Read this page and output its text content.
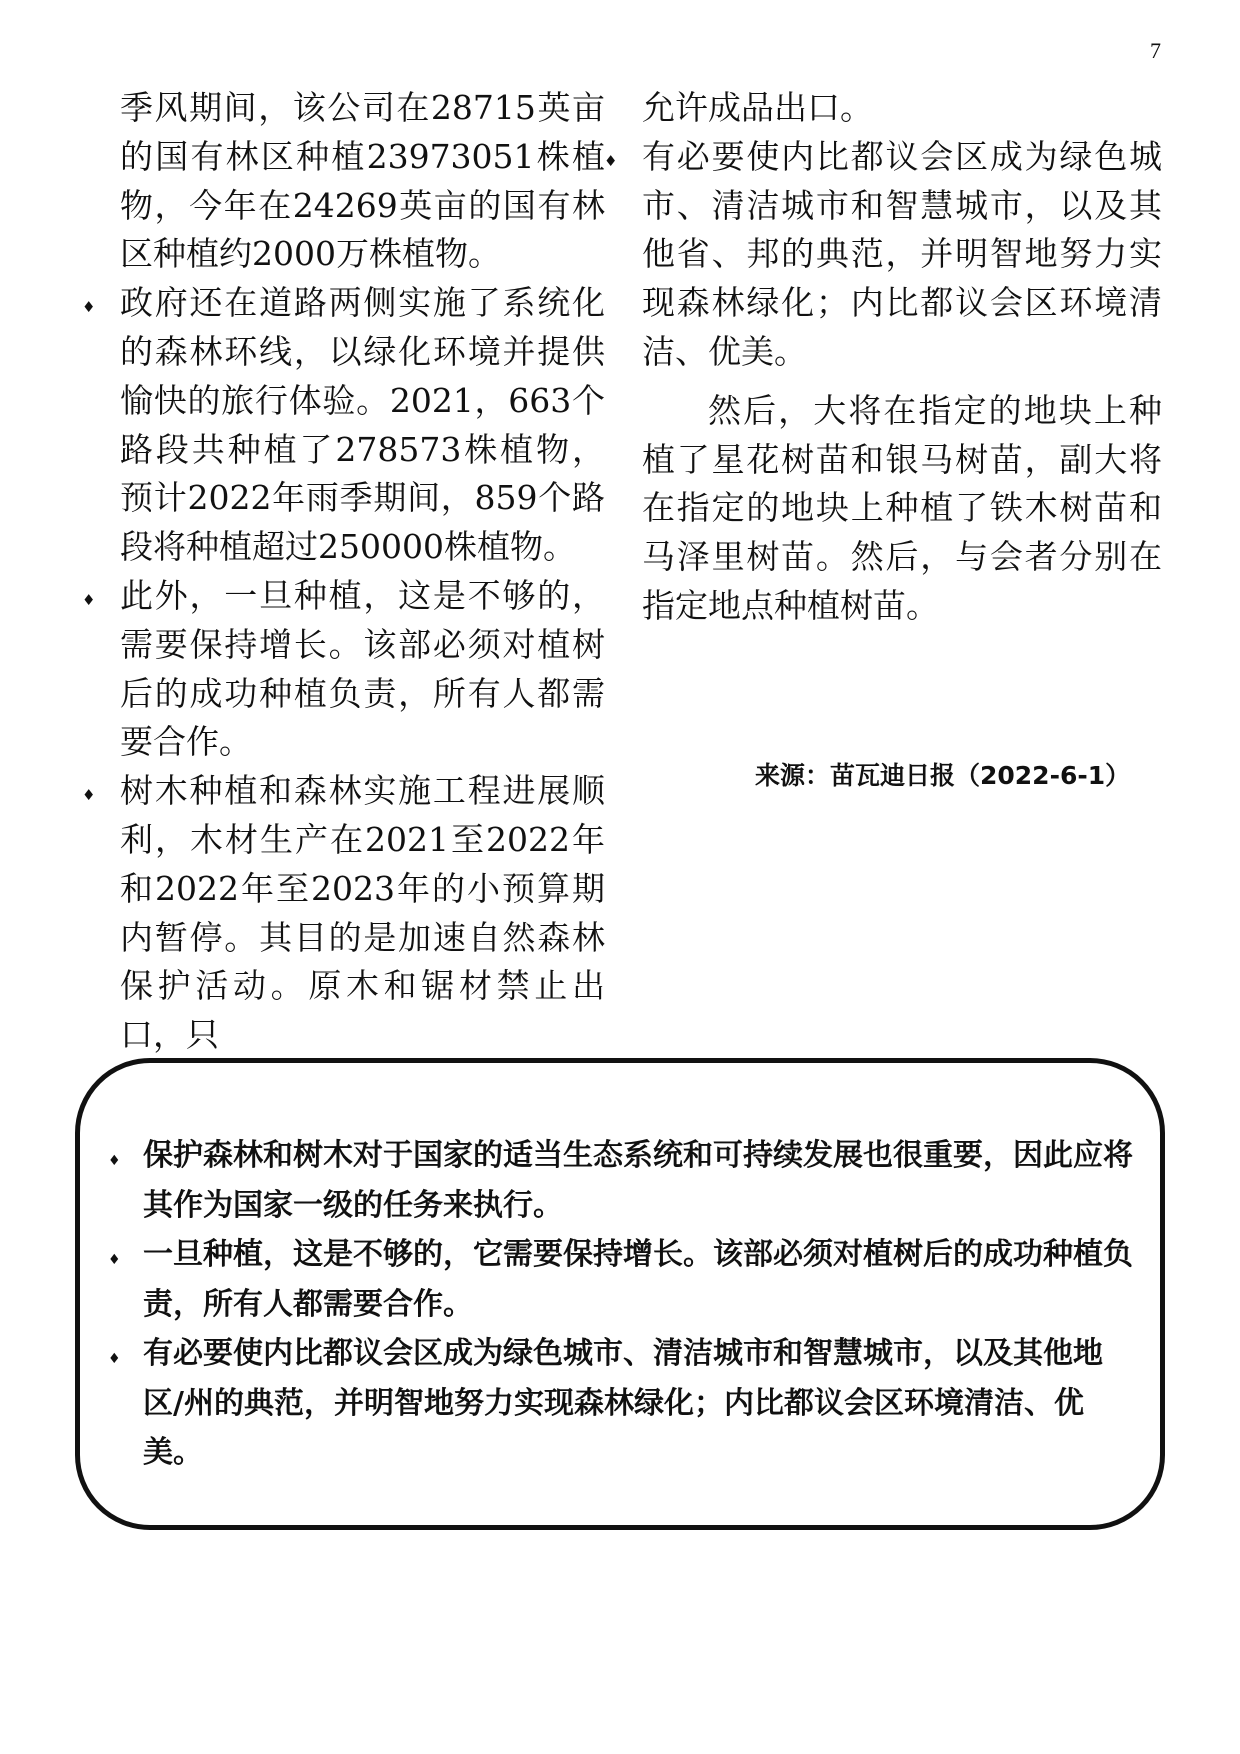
7

季风期间，该公司在28715英亩的国有林区种植23973051株植物，今年在24269英亩的国有林区种植约2000万株植物。

♦ 政府还在道路两侧实施了系统化的森林环线，以绿化环境并提供愉快的旅行体验。2021，663个路段共种植了278573株植物，预计2022年雨季期间，859个路段将种植超过250000株植物。
♦ 此外，一旦种植，这是不够的，需要保持增长。该部必须对植树后的成功种植负责，所有人都需要合作。
♦ 树木种植和森林实施工程进展顺利，木材生产在2021至2022年和2022年至2023年的小预算期内暂停。其目的是加速自然森林保护活动。原木和锯材禁止出口，只

允许成品出口。

♦ 有必要使内比都议会区成为绿色城市、清洁城市和智慧城市，以及其他省、邦的典范，并明智地努力实现森林绿化；内比都议会区环境清洁、优美。

然后，大将在指定的地块上种植了星花树苗和银马树苗，副大将在指定的地块上种植了铁木树苗和马泽里树苗。然后，与会者分别在指定地点种植树苗。

来源：苗瓦迪日报（2022-6-1）
♦ 保护森林和树木对于国家的适当生态系统和可持续发展也很重要，因此应将其作为国家一级的任务来执行。
♦ 一旦种植，这是不够的，它需要保持增长。该部必须对植树后的成功种植负责，所有人都需要合作。
♦ 有必要使内比都议会区成为绿色城市、清洁城市和智慧城市，以及其他地区/州的典范，并明智地努力实现森林绿化；内比都议会区环境清洁、优美。
